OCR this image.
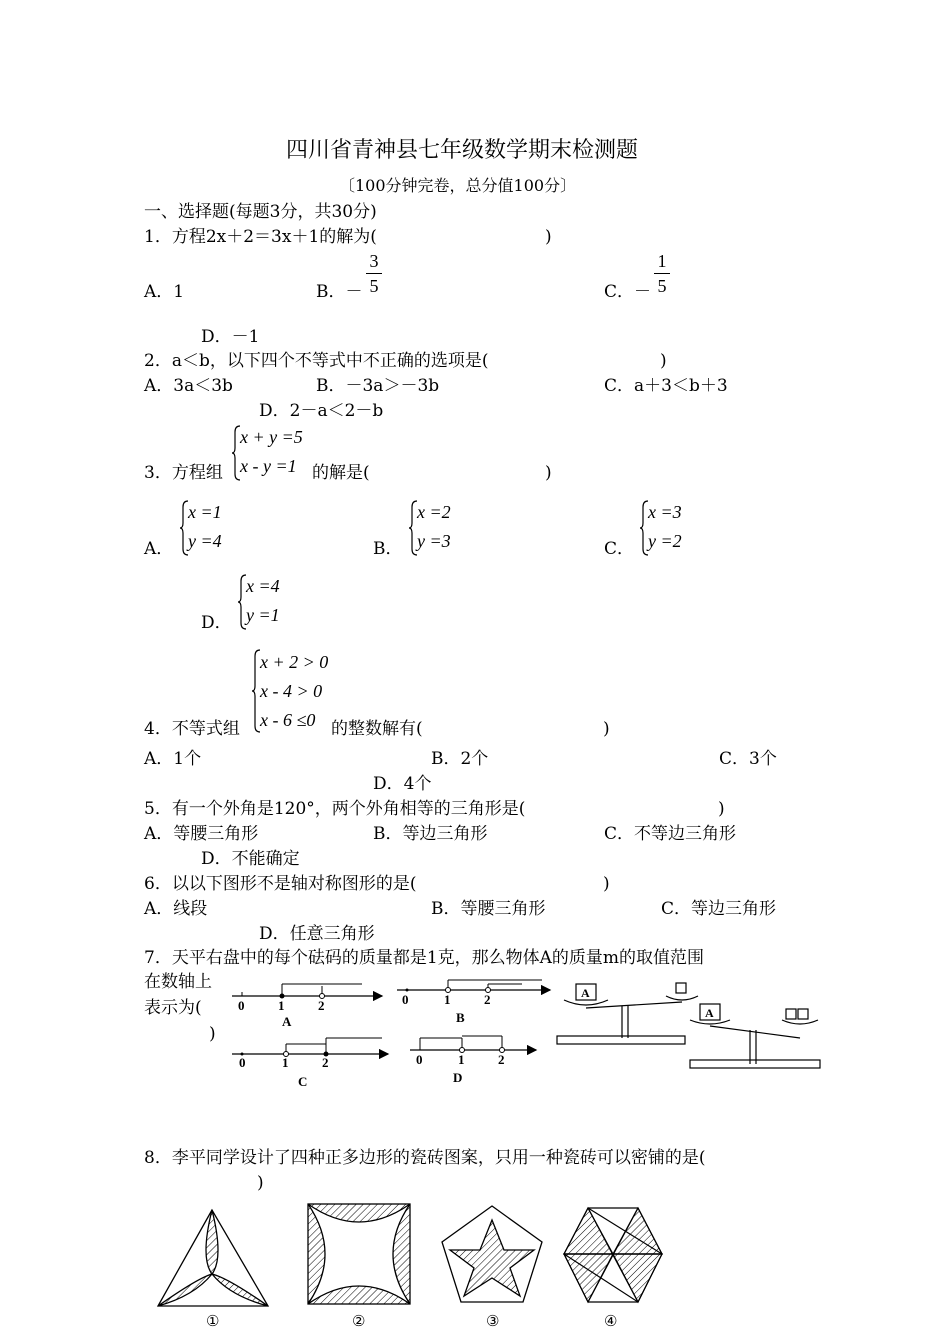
四川省青神县七年级数学期末检测题
〔100分钟完卷，总分值100分〕
一、选择题(每题3分，共30分)
1．方程2x＋2＝3x＋1的解为(	)
A．1	B．－
3
5	C．－
1
5
D．－1
2．a＜b，以下四个不等式中不正确的选项是(	)
A．3a＜3b	B．－3a＞－3b	C．a＋3＜b＋3
D．2－a＜2－b
3．方程组
x + y =5
x - y =1 的解是(	)
A．
x =1
y =4	B．
x =2
y =3	C．
x =3
y =2
D．
x =4
y =1
4．不等式组
x + 2 > 0
x - 4 > 0
x - 6 ≤0 的整数解有(	)
A．1个	B．2个	C．3个
D．4个
5．有一个外角是120°，两个外角相等的三角形是(	)
A．等腰三角形	B．等边三角形	C．不等边三角形
D．不能确定
6．以以下图形不是轴对称图形的是(	)
A．线段	B．等腰三角形	C．等边三角形
D．任意三角形
7．天平右盘中的每个砝码的质量都是1克，那么物体A的质量m的取值范围
在数轴上
表示为(
)
0	1	2
A
0	1	2
B
0	1	2
C
0	1	2
D
A
A
8．李平同学设计了四种正多边形的瓷砖图案，只用一种瓷砖可以密铺的是(
)
①	②	③	④
